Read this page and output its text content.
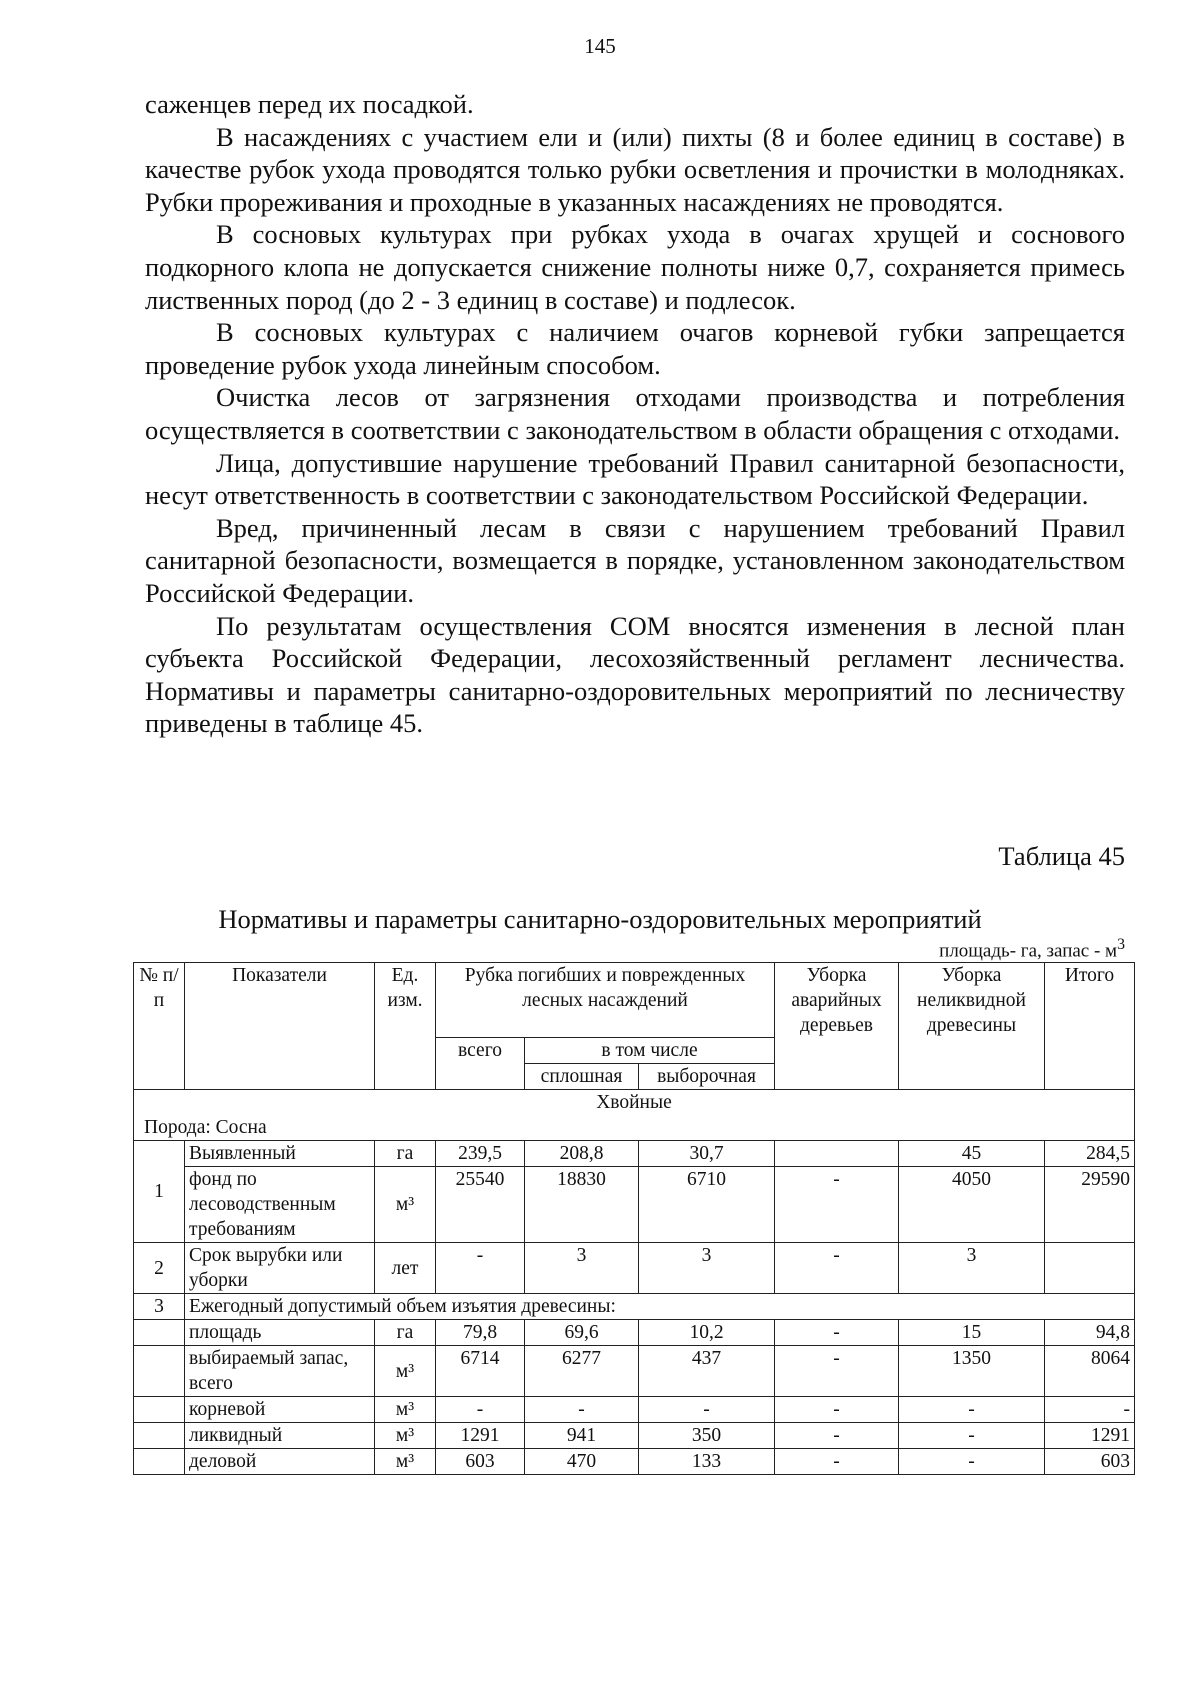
145

саженцев перед их посадкой.

В насаждениях с участием ели и (или) пихты (8 и более единиц в составе) в качестве рубок ухода проводятся только рубки осветления и прочистки в молодняках. Рубки прореживания и проходные в указанных насаждениях не проводятся.

В сосновых культурах при рубках ухода в очагах хрущей и соснового подкорного клопа не допускается снижение полноты ниже 0,7, сохраняется примесь лиственных пород (до 2 - 3 единиц в составе) и подлесок.

В сосновых культурах с наличием очагов корневой губки запрещается проведение рубок ухода линейным способом.

Очистка лесов от загрязнения отходами производства и потребления осуществляется в соответствии с законодательством в области обращения с отходами.

Лица, допустившие нарушение требований Правил санитарной безопасности, несут ответственность в соответствии с законодательством Российской Федерации.

Вред, причиненный лесам в связи с нарушением требований Правил санитарной безопасности, возмещается в порядке, установленном законодательством Российской Федерации.

По результатам осуществления СОМ вносятся изменения в лесной план субъекта Российской Федерации, лесохозяйственный регламент лесничества. Нормативы и параметры санитарно-оздоровительных мероприятий по лесничеству приведены в таблице 45.

Таблица 45
Нормативы и параметры санитарно-оздоровительных мероприятий
площадь- га, запас - $м^3$
№ п/п	Показатели	Ед. изм.	Рубка погибших и поврежденных лесных насаждений			Уборка аварийных деревьев	Уборка неликвидной древесины	Итого
			всего	в том числе				
				сплошная	выборочная			

Хвойные
Порода: Сосна								

1	Выявленный	га	239,5	208,8	30,7		45	284,5
	фонд по лесоводственным требованиям	м³	25540	18830	6710	-	4050	29590
2	Срок вырубки или уборки	лет	-	3	3	-	3	
3	Ежегодный допустимый объем изъятия древесины:							
	площадь	га	79,8	69,6	10,2	-	15	94,8
	выбираемый запас, всего	м³	6714	6277	437	-	1350	8064
	корневой	м³	-	-	-	-	-	-
	ликвидный	м³	1291	941	350	-	-	1291
	деловой	м³	603	470	133	-	-	603
